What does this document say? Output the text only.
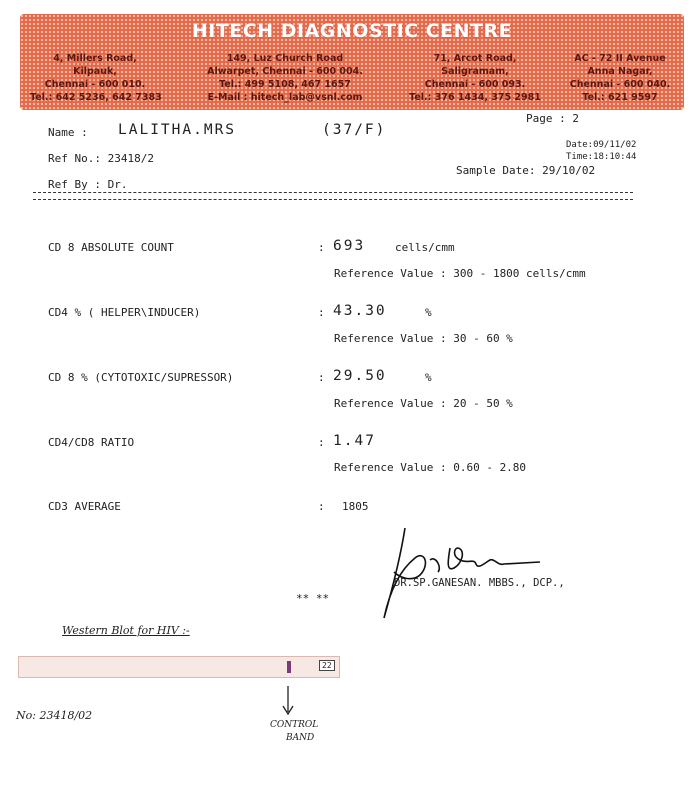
HITECH DIAGNOSTIC CENTRE
4, Millers Road,
Kilpauk,
Chennai - 600 010.
Tel.: 642 5236, 642 7383
149, Luz Church Road
Alwarpet, Chennai - 600 004.
Tel.: 499 5108, 467 1657
E-Mail : hitech_lab@vsnl.com
71, Arcot Road,
Saligramam,
Chennai - 600 093.
Tel.: 376 1434, 375 2981
AC - 72 II Avenue
Anna Nagar,
Chennai - 600 040.
Tel.: 621 9597
Page : 2
Name : LALITHA.MRS	(37/F)
Date:09/11/02
Time:18:10:44
Ref No.: 23418/2
Sample Date: 29/10/02
Ref By : Dr.
CD 8 ABSOLUTE COUNT	: 693	cells/cmm
Reference Value : 300 - 1800 cells/cmm
CD4 % ( HELPER\INDUCER)	: 43.30	%
Reference Value : 30 - 60 %
CD 8 % (CYTOTOXIC/SUPRESSOR)	: 29.50	%
Reference Value : 20 - 50 %
CD4/CD8 RATIO	: 1.47
Reference Value : 0.60 - 2.80
CD3 AVERAGE	: 1805
DR.SP.GANESAN. MBBS., DCP.,
** **
Western Blot for HIV :-
22
No: 23418/02
CONTROL
BAND
